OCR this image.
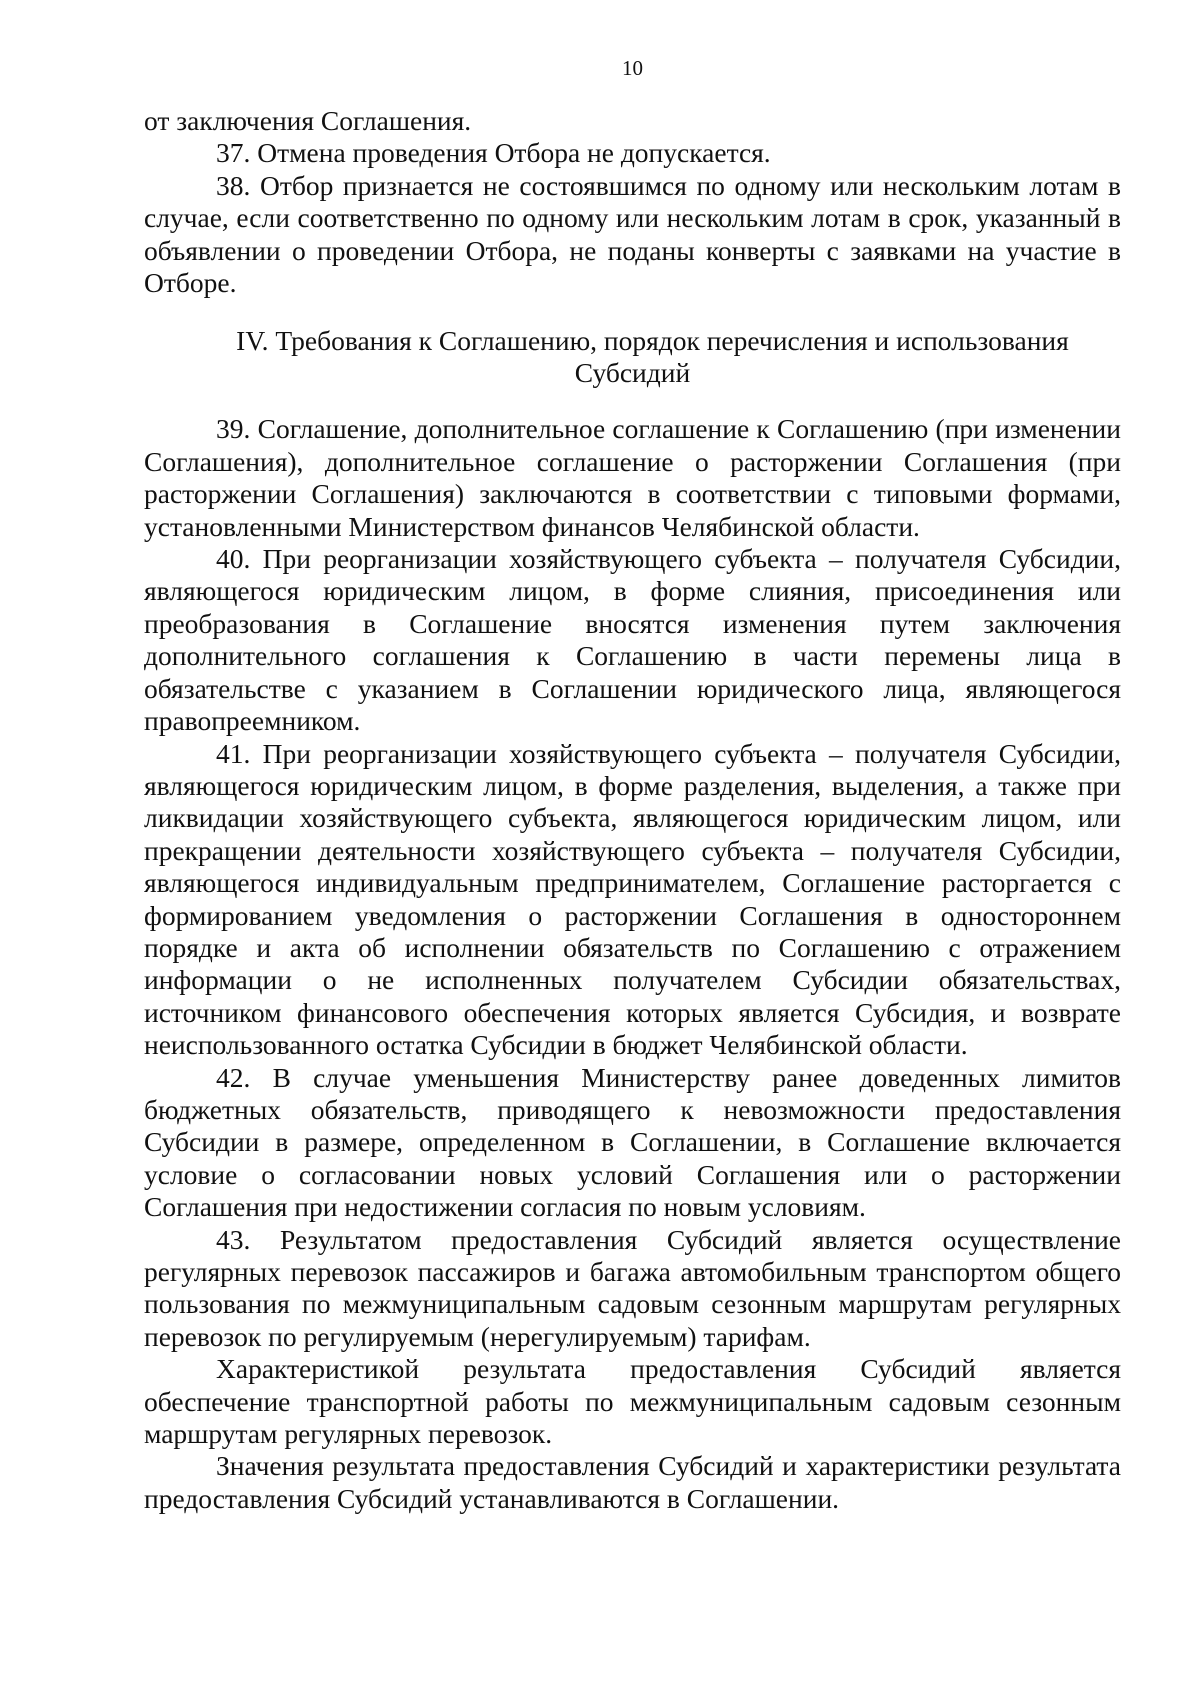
10

от заключения Соглашения.

37. Отмена проведения Отбора не допускается.

38. Отбор признается не состоявшимся по одному или нескольким лотам в случае, если соответственно по одному или нескольким лотам в срок, указанный в объявлении о проведении Отбора, не поданы конверты с заявками на участие в Отборе.

IV. Требования к Соглашению, порядок перечисления и использования
Субсидий

39. Соглашение, дополнительное соглашение к Соглашению (при изменении Соглашения), дополнительное соглашение о расторжении Соглашения (при расторжении Соглашения) заключаются в соответствии с типовыми формами, установленными Министерством финансов Челябинской области.

40. При реорганизации хозяйствующего субъекта – получателя Субсидии, являющегося юридическим лицом, в форме слияния, присоединения или преобразования в Соглашение вносятся изменения путем заключения дополнительного соглашения к Соглашению в части перемены лица в обязательстве с указанием в Соглашении юридического лица, являющегося правопреемником.

41. При реорганизации хозяйствующего субъекта – получателя Субсидии, являющегося юридическим лицом, в форме разделения, выделения, а также при ликвидации хозяйствующего субъекта, являющегося юридическим лицом, или прекращении деятельности хозяйствующего субъекта – получателя Субсидии, являющегося индивидуальным предпринимателем, Соглашение расторгается с формированием уведомления о расторжении Соглашения в одностороннем порядке и акта об исполнении обязательств по Соглашению с отражением информации о не исполненных получателем Субсидии обязательствах, источником финансового обеспечения которых является Субсидия, и возврате неиспользованного остатка Субсидии в бюджет Челябинской области.

42. В случае уменьшения Министерству ранее доведенных лимитов бюджетных обязательств, приводящего к невозможности предоставления Субсидии в размере, определенном в Соглашении, в Соглашение включается условие о согласовании новых условий Соглашения или о расторжении Соглашения при недостижении согласия по новым условиям.

43. Результатом предоставления Субсидий является осуществление регулярных перевозок пассажиров и багажа автомобильным транспортом общего пользования по межмуниципальным садовым сезонным маршрутам регулярных перевозок по регулируемым (нерегулируемым) тарифам.

Характеристикой результата предоставления Субсидий является обеспечение транспортной работы по межмуниципальным садовым сезонным маршрутам регулярных перевозок.

Значения результата предоставления Субсидий и характеристики результата предоставления Субсидий устанавливаются в Соглашении.
